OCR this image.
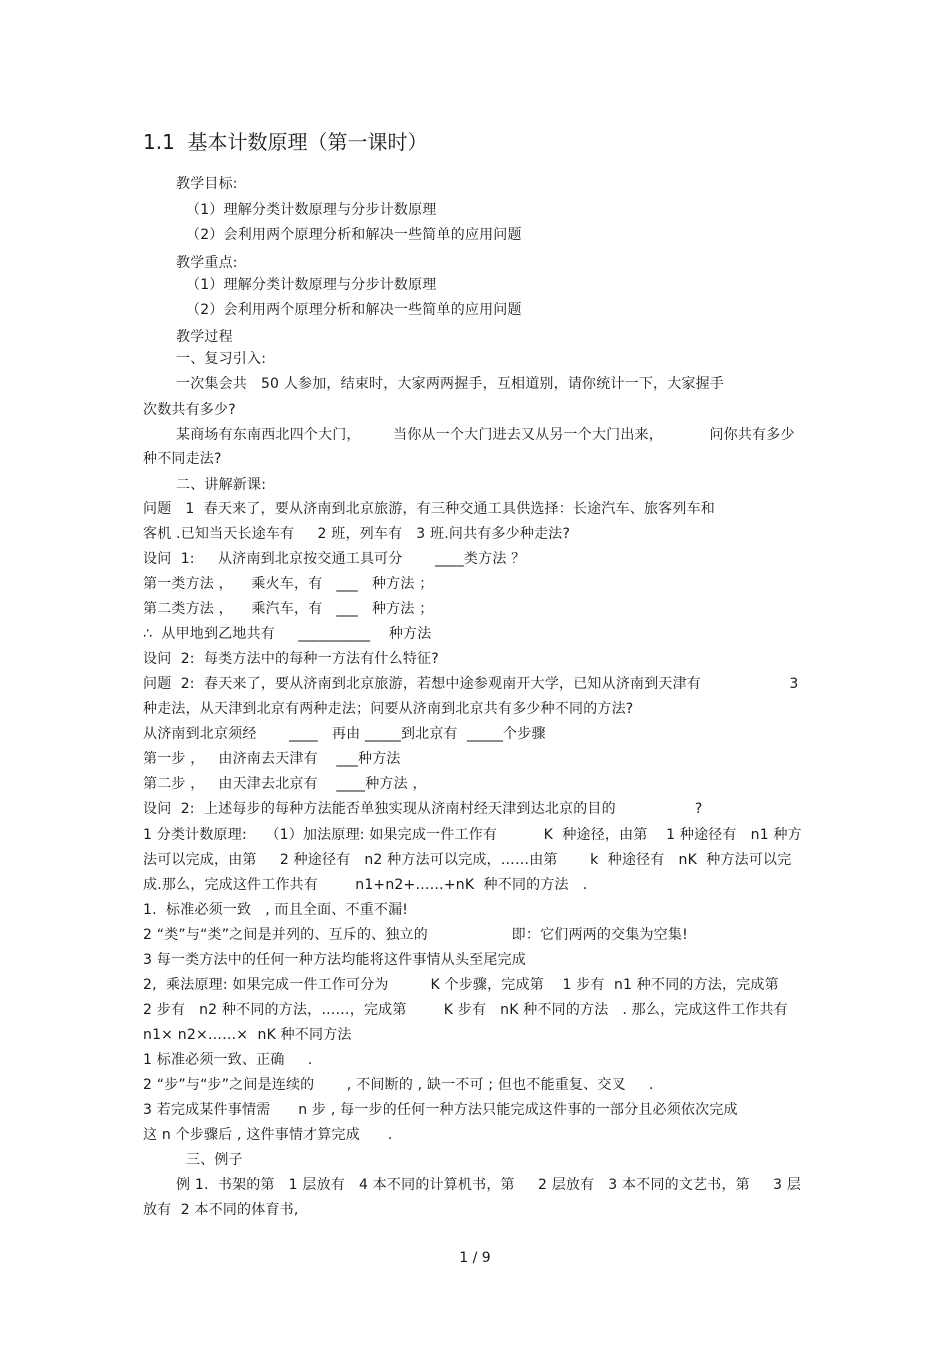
1.1  基本计数原理（第一课时）
教学目标:
（1）理解分类计数原理与分步计数原理
（2）会利用两个原理分析和解决一些简单的应用问题
教学重点:
（1）理解分类计数原理与分步计数原理
（2）会利用两个原理分析和解决一些简单的应用问题
教学过程
一、复习引入:
一次集会共   50 人参加，结束时，大家两两握手，互相道别，请你统计一下，大家握手
次数共有多少?
某商场有东南西北四个大门，       当你从一个大门进去又从另一个大门出来，          问你共有多少
种不同走法?
二、讲解新课:
问题   1  春天来了，要从济南到北京旅游，有三种交通工具供选择：长途汽车、旅客列车和
客机 .已知当天长途车有     2 班，列车有   3 班.问共有多少种走法?
设问  1:     从济南到北京按交通工具可分       ____类方法 ？
第一类方法 ，    乘火车，有   ___   种方法 ；
第二类方法 ，    乘汽车，有   ___   种方法 ；
∴  从甲地到乙地共有     __________    种方法
设问  2:  每类方法中的每种一方法有什么特征?
问题  2:  春天来了，要从济南到北京旅游，若想中途参观南开大学，已知从济南到天津有                   3
种走法，从天津到北京有两种走法；问要从济南到北京共有多少种不同的方法?
从济南到北京须经       ____   再由 _____到北京有  _____个步骤
第一步 ，   由济南去天津有    ___种方法
第二步 ，   由天津去北京有    ____种方法 ，
设问  2:  上述每步的每种方法能否单独实现从济南村经天津到达北京的目的                 ?
1 分类计数原理:    （1）加法原理: 如果完成一件工作有          K  种途径，由第    1 种途径有   n1 种方
法可以完成，由第     2 种途径有   n2 种方法可以完成，……由第       k  种途径有   nK  种方法可以完
成.那么，完成这件工作共有        n1+n2+……+nK  种不同的方法   .
1.  标准必须一致   , 而且全面、不重不漏!
2 “类”与“类”之间是并列的、互斥的、独立的                  即：它们两两的交集为空集!
3 每一类方法中的任何一种方法均能将这件事情从头至尾完成
2,  乘法原理: 如果完成一件工作可分为         K 个步骤，完成第    1 步有  n1 种不同的方法，完成第
2 步有   n2 种不同的方法，……，完成第        K 步有   nK 种不同的方法   . 那么，完成这件工作共有
n1× n2×……×  nK 种不同方法
1 标准必须一致、正确     .
2 “步”与“步”之间是连续的       , 不间断的 , 缺一不可 ; 但也不能重复、交叉     .
3 若完成某件事情需      n 步 , 每一步的任何一种方法只能完成这件事的一部分且必须依次完成
这 n 个步骤后 , 这件事情才算完成      .
三、例子
例 1.  书架的第   1 层放有   4 本不同的计算机书，第     2 层放有   3 本不同的文艺书，第     3 层
放有  2 本不同的体育书,
1 / 9
